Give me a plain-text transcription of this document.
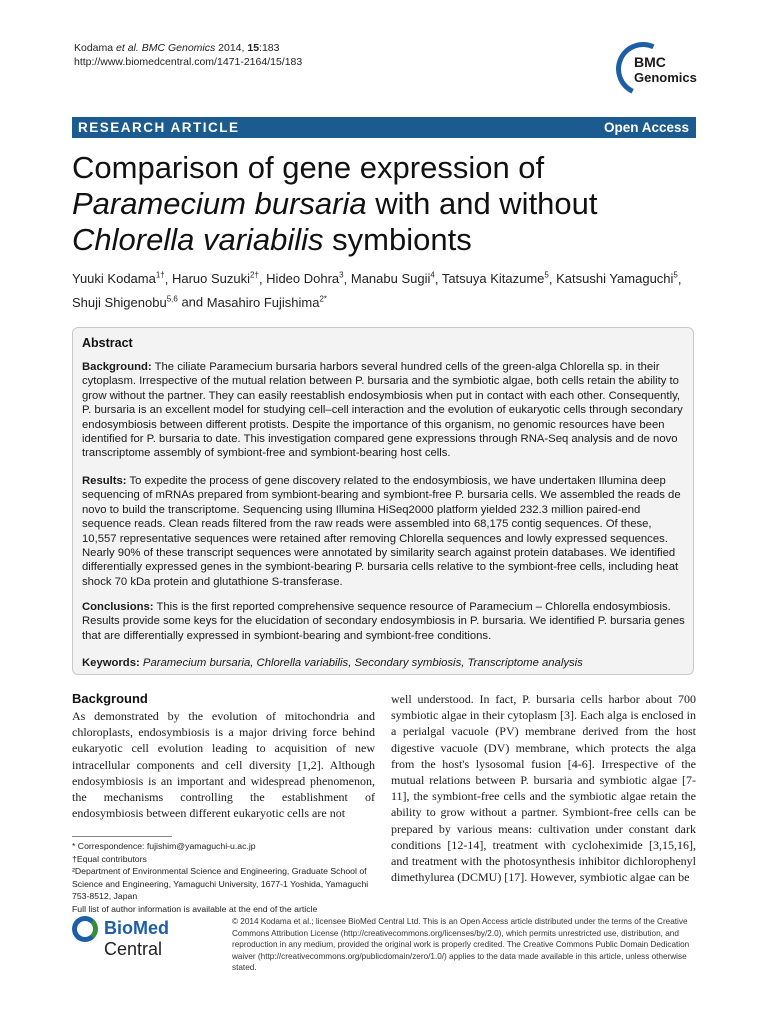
Kodama et al. BMC Genomics 2014, 15:183
http://www.biomedcentral.com/1471-2164/15/183	BMC
Genomics
RESEARCH ARTICLE	Open Access
Comparison of gene expression of Paramecium bursaria with and without Chlorella variabilis symbionts
Yuuki Kodama$^{1\dagger}$, Haruo Suzuki$^{2\dagger}$, Hideo Dohra$^3$, Manabu Sugii$^4$, Tatsuya Kitazume$^5$, Katsushi Yamaguchi$^5$, Shuji Shigenobu$^{5,6}$ and Masahiro Fujishima$^{2*}$
Abstract
Background: The ciliate Paramecium bursaria harbors several hundred cells of the green-alga Chlorella sp. in their cytoplasm. Irrespective of the mutual relation between P. bursaria and the symbiotic algae, both cells retain the ability to grow without the partner. They can easily reestablish endosymbiosis when put in contact with each other. Consequently, P. bursaria is an excellent model for studying cell–cell interaction and the evolution of eukaryotic cells through secondary endosymbiosis between different protists. Despite the importance of this organism, no genomic resources have been identified for P. bursaria to date. This investigation compared gene expressions through RNA-Seq analysis and de novo transcriptome assembly of symbiont-free and symbiont-bearing host cells.
Results: To expedite the process of gene discovery related to the endosymbiosis, we have undertaken Illumina deep sequencing of mRNAs prepared from symbiont-bearing and symbiont-free P. bursaria cells. We assembled the reads de novo to build the transcriptome. Sequencing using Illumina HiSeq2000 platform yielded 232.3 million paired-end sequence reads. Clean reads filtered from the raw reads were assembled into 68,175 contig sequences. Of these, 10,557 representative sequences were retained after removing Chlorella sequences and lowly expressed sequences. Nearly 90% of these transcript sequences were annotated by similarity search against protein databases. We identified differentially expressed genes in the symbiont-bearing P. bursaria cells relative to the symbiont-free cells, including heat shock 70 kDa protein and glutathione S-transferase.
Conclusions: This is the first reported comprehensive sequence resource of Paramecium – Chlorella endosymbiosis. Results provide some keys for the elucidation of secondary endosymbiosis in P. bursaria. We identified P. bursaria genes that are differentially expressed in symbiont-bearing and symbiont-free conditions.
Keywords: Paramecium bursaria, Chlorella variabilis, Secondary symbiosis, Transcriptome analysis
Background
As demonstrated by the evolution of mitochondria and chloroplasts, endosymbiosis is a major driving force behind eukaryotic cell evolution leading to acquisition of new intracellular components and cell diversity [1,2]. Although endosymbiosis is an important and widespread phenomenon, the mechanisms controlling the establishment of endosymbiosis between different eukaryotic cells are not
well understood. In fact, P. bursaria cells harbor about 700 symbiotic algae in their cytoplasm [3]. Each alga is enclosed in a perialgal vacuole (PV) membrane derived from the host digestive vacuole (DV) membrane, which protects the alga from the host's lysosomal fusion [4-6]. Irrespective of the mutual relations between P. bursaria and symbiotic algae [7-11], the symbiont-free cells and the symbiotic algae retain the ability to grow without a partner. Symbiont-free cells can be prepared by various means: cultivation under constant dark conditions [12-14], treatment with cycloheximide [3,15,16], and treatment with the photosynthesis inhibitor dichlorophenyl dimethylurea (DCMU) [17]. However, symbiotic algae can be

* Correspondence: fujishim@yamaguchi-u.ac.jp

†Equal contributors

²Department of Environmental Science and Engineering, Graduate School of Science and Engineering, Yamaguchi University, 1677-1 Yoshida, Yamaguchi 753-8512, Japan

Full list of author information is available at the end of the article

BioMed Central
© 2014 Kodama et al.; licensee BioMed Central Ltd. This is an Open Access article distributed under the terms of the Creative Commons Attribution License (http://creativecommons.org/licenses/by/2.0), which permits unrestricted use, distribution, and reproduction in any medium, provided the original work is properly credited. The Creative Commons Public Domain Dedication waiver (http://creativecommons.org/publicdomain/zero/1.0/) applies to the data made available in this article, unless otherwise stated.
